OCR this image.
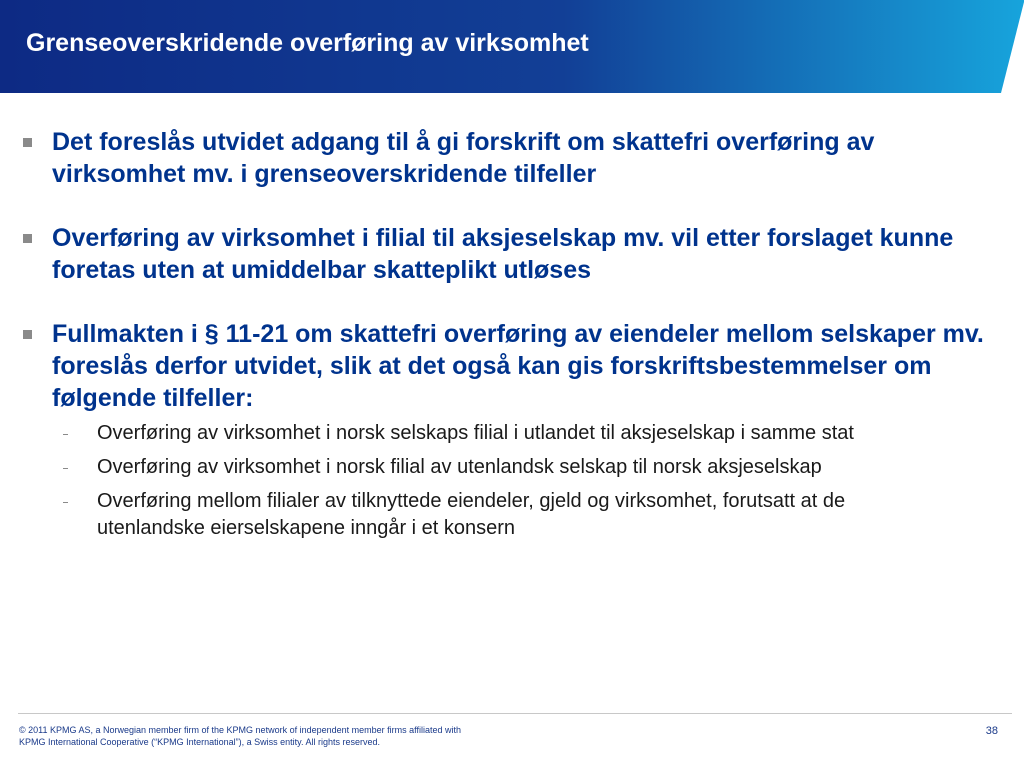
Grenseoverskridende overføring av virksomhet

Det foreslås utvidet adgang til å gi forskrift om skattefri overføring av virksomhet mv. i grenseoverskridende tilfeller

Overføring av virksomhet i filial til aksjeselskap mv. vil etter forslaget kunne foretas uten at umiddelbar skatteplikt utløses

Fullmakten i § 11-21 om skattefri overføring av eiendeler mellom selskaper mv. foreslås derfor utvidet, slik at det også kan gis forskriftsbestemmelser om følgende tilfeller:

Overføring av virksomhet i norsk selskaps filial i utlandet til aksjeselskap i samme stat

Overføring av virksomhet i norsk filial av utenlandsk selskap til norsk aksjeselskap

Overføring mellom filialer av tilknyttede eiendeler, gjeld og virksomhet, forutsatt at de utenlandske eierselskapene inngår i et konsern

© 2011 KPMG AS, a Norwegian member firm of the KPMG network of independent member firms affiliated with
KPMG International Cooperative (“KPMG International”), a Swiss entity. All rights reserved.
38
